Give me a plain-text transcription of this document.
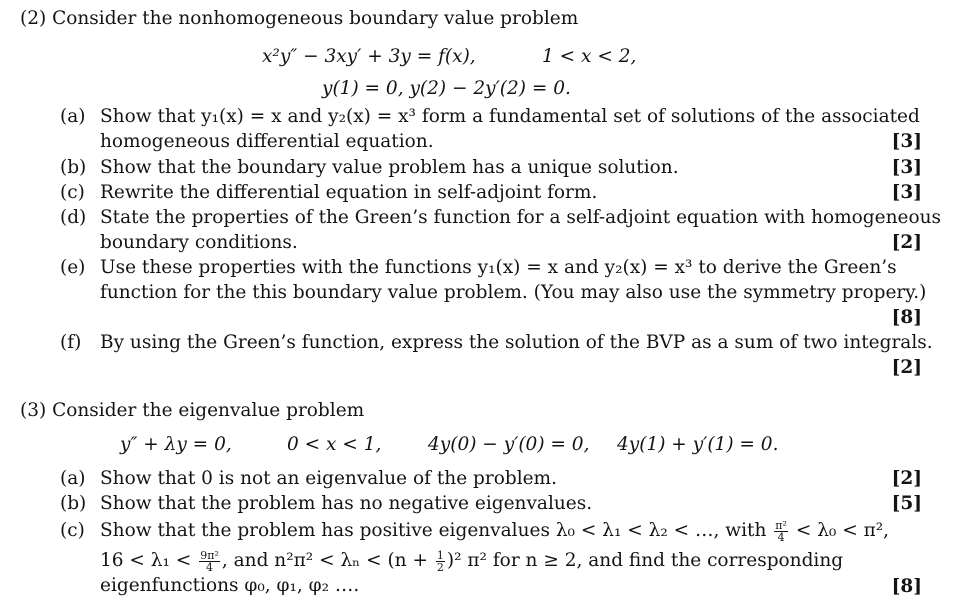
(2) Consider the nonhomogeneous boundary value problem
x²y″ − 3xy′ + 3y = f(x),	1 < x < 2,
y(1) = 0, y(2) − 2y′(2) = 0.
(a) Show that y₁(x) = x and y₂(x) = x³ form a fundamental set of solutions of the associated
homogeneous differential equation.	[3]
(b) Show that the boundary value problem has a unique solution.	[3]
(c) Rewrite the differential equation in self-adjoint form.	[3]
(d) State the properties of the Green’s function for a self-adjoint equation with homogeneous
boundary conditions.	[2]
(e) Use these properties with the functions y₁(x) = x and y₂(x) = x³ to derive the Green’s
function for the this boundary value problem. (You may also use the symmetry propery.)
[8]
(f) By using the Green’s function, express the solution of the BVP as a sum of two integrals.
[2]
(3) Consider the eigenvalue problem
y″ + λy = 0,	0 < x < 1,	4y(0) − y′(0) = 0, 4y(1) + y′(1) = 0.
(a) Show that 0 is not an eigenvalue of the problem.	[2]
(b) Show that the problem has no negative eigenvalues.	[5]
(c) Show that the problem has positive eigenvalues λ₀ < λ₁ < λ₂ < …, with $\frac{\text{π²}}{4} < \lambda_0 < \pi^2$,
$16 < \lambda_1 < \frac{\text{9π²}}{4}$ , and $n^2\pi^2 < \lambda_n < (n + \frac{1}{2} )^2$ π² for n ≥ 2, and find the corresponding
eigenfunctions φ₀, φ₁, φ₂ ….	[8]
